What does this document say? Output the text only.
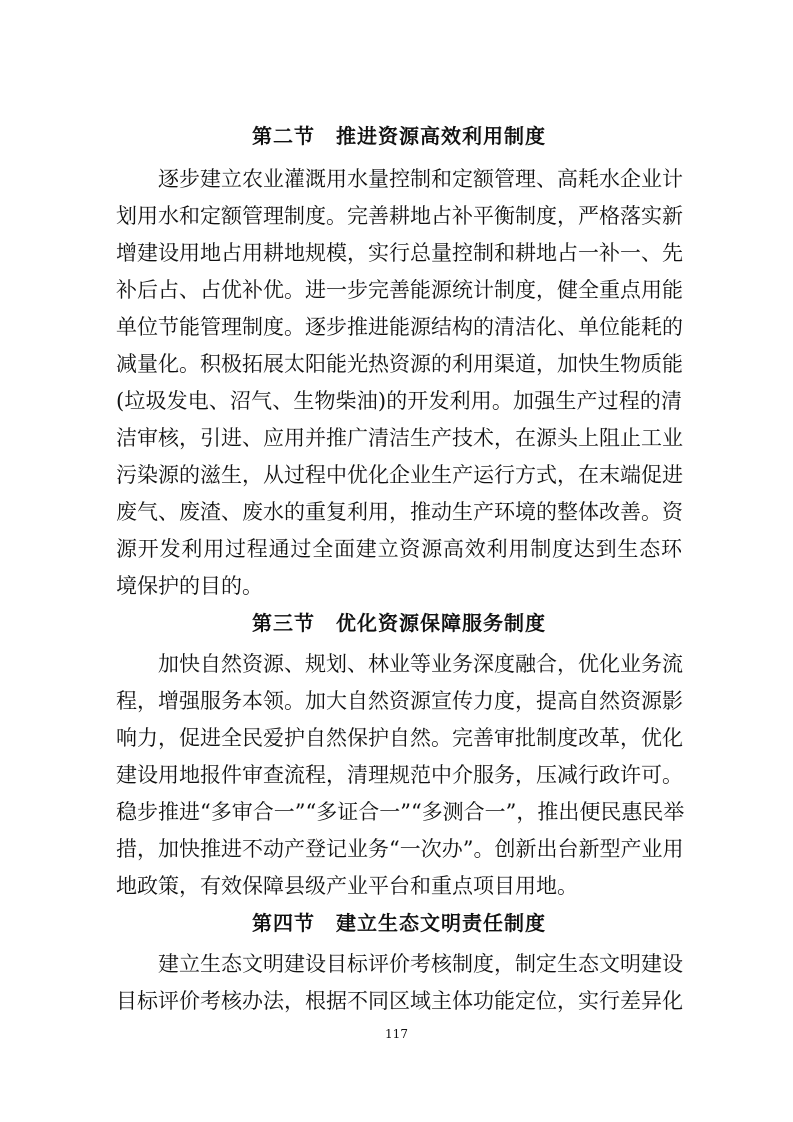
第二节　推进资源高效利用制度
逐步建立农业灌溉用水量控制和定额管理、高耗水企业计
划用水和定额管理制度。完善耕地占补平衡制度，严格落实新
增建设用地占用耕地规模，实行总量控制和耕地占一补一、先
补后占、占优补优。进一步完善能源统计制度，健全重点用能
单位节能管理制度。逐步推进能源结构的清洁化、单位能耗的
减量化。积极拓展太阳能光热资源的利用渠道，加快生物质能
(垃圾发电、沼气、生物柴油)的开发利用。加强生产过程的清
洁审核，引进、应用并推广清洁生产技术，在源头上阻止工业
污染源的滋生，从过程中优化企业生产运行方式，在末端促进
废气、废渣、废水的重复利用，推动生产环境的整体改善。资
源开发利用过程通过全面建立资源高效利用制度达到生态环
境保护的目的。
第三节　优化资源保障服务制度
加快自然资源、规划、林业等业务深度融合，优化业务流
程，增强服务本领。加大自然资源宣传力度，提高自然资源影
响力，促进全民爱护自然保护自然。完善审批制度改革，优化
建设用地报件审查流程，清理规范中介服务，压减行政许可。
稳步推进“多审合一”“多证合一”“多测合一”，推出便民惠民举
措，加快推进不动产登记业务“一次办”。创新出台新型产业用
地政策，有效保障县级产业平台和重点项目用地。
第四节　建立生态文明责任制度
建立生态文明建设目标评价考核制度，制定生态文明建设
目标评价考核办法，根据不同区域主体功能定位，实行差异化
117
